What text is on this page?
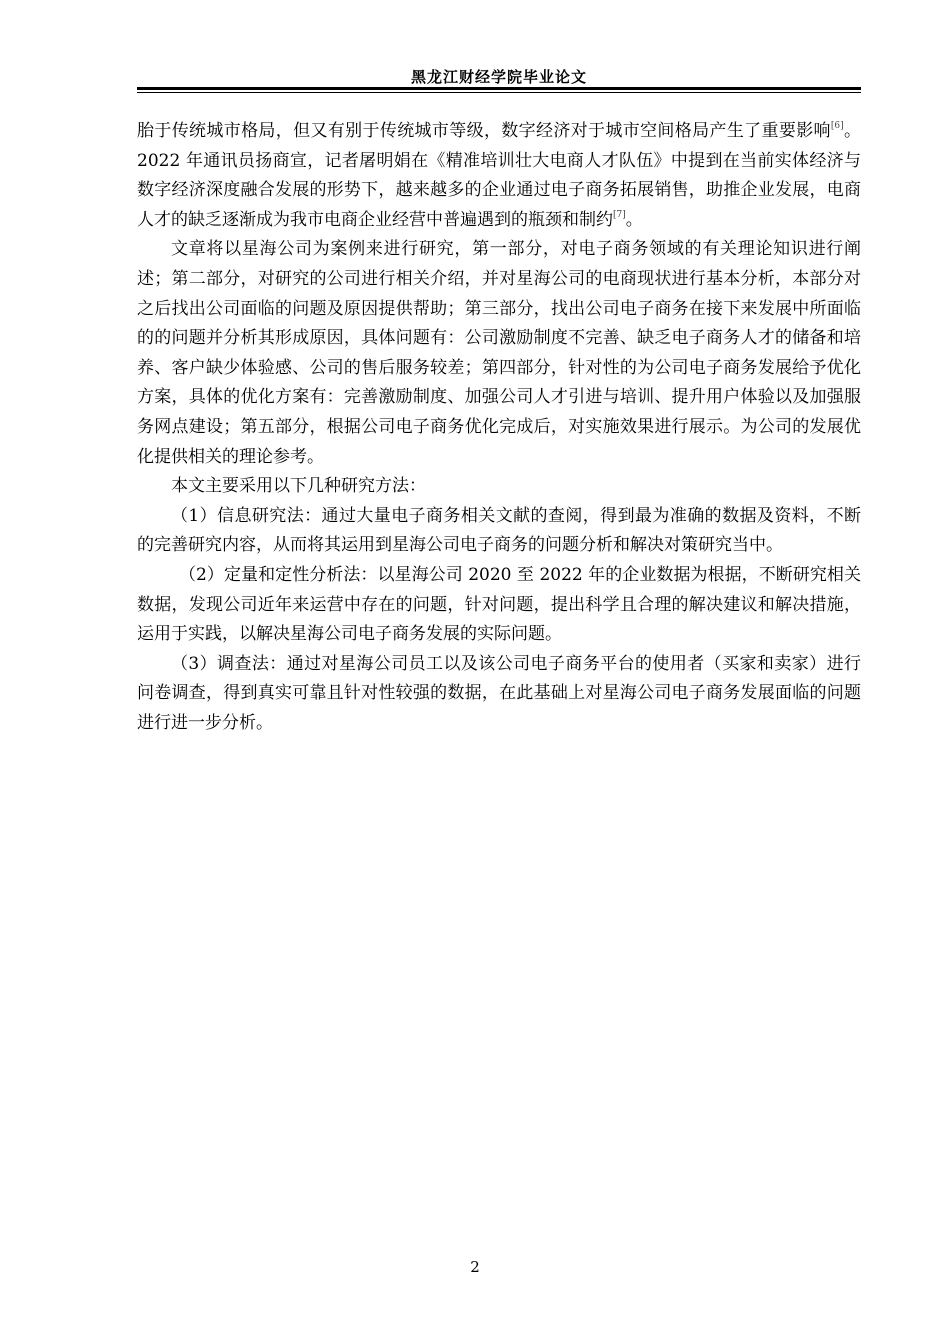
黑龙江财经学院毕业论文

胎于传统城市格局，但又有别于传统城市等级，数字经济对于城市空间格局产生了重要影响[6]。2022 年通讯员扬商宣，记者屠明娟在《精准培训壮大电商人才队伍》中提到在当前实体经济与数字经济深度融合发展的形势下，越来越多的企业通过电子商务拓展销售，助推企业发展，电商人才的缺乏逐渐成为我市电商企业经营中普遍遇到的瓶颈和制约[7]。

文章将以星海公司为案例来进行研究，第一部分，对电子商务领域的有关理论知识进行阐述；第二部分，对研究的公司进行相关介绍，并对星海公司的电商现状进行基本分析，本部分对之后找出公司面临的问题及原因提供帮助；第三部分，找出公司电子商务在接下来发展中所面临的的问题并分析其形成原因，具体问题有：公司激励制度不完善、缺乏电子商务人才的储备和培养、客户缺少体验感、公司的售后服务较差；第四部分，针对性的为公司电子商务发展给予优化方案，具体的优化方案有：完善激励制度、加强公司人才引进与培训、提升用户体验以及加强服务网点建设；第五部分，根据公司电子商务优化完成后，对实施效果进行展示。为公司的发展优化提供相关的理论参考。

本文主要采用以下几种研究方法：

（1）信息研究法：通过大量电子商务相关文献的查阅，得到最为准确的数据及资料，不断的完善研究内容，从而将其运用到星海公司电子商务的问题分析和解决对策研究当中。

（2）定量和定性分析法：以星海公司 2020 至 2022 年的企业数据为根据，不断研究相关数据，发现公司近年来运营中存在的问题，针对问题，提出科学且合理的解决建议和解决措施，运用于实践，以解决星海公司电子商务发展的实际问题。

（3）调查法：通过对星海公司员工以及该公司电子商务平台的使用者（买家和卖家）进行问卷调查，得到真实可靠且针对性较强的数据，在此基础上对星海公司电子商务发展面临的问题进行进一步分析。

2
